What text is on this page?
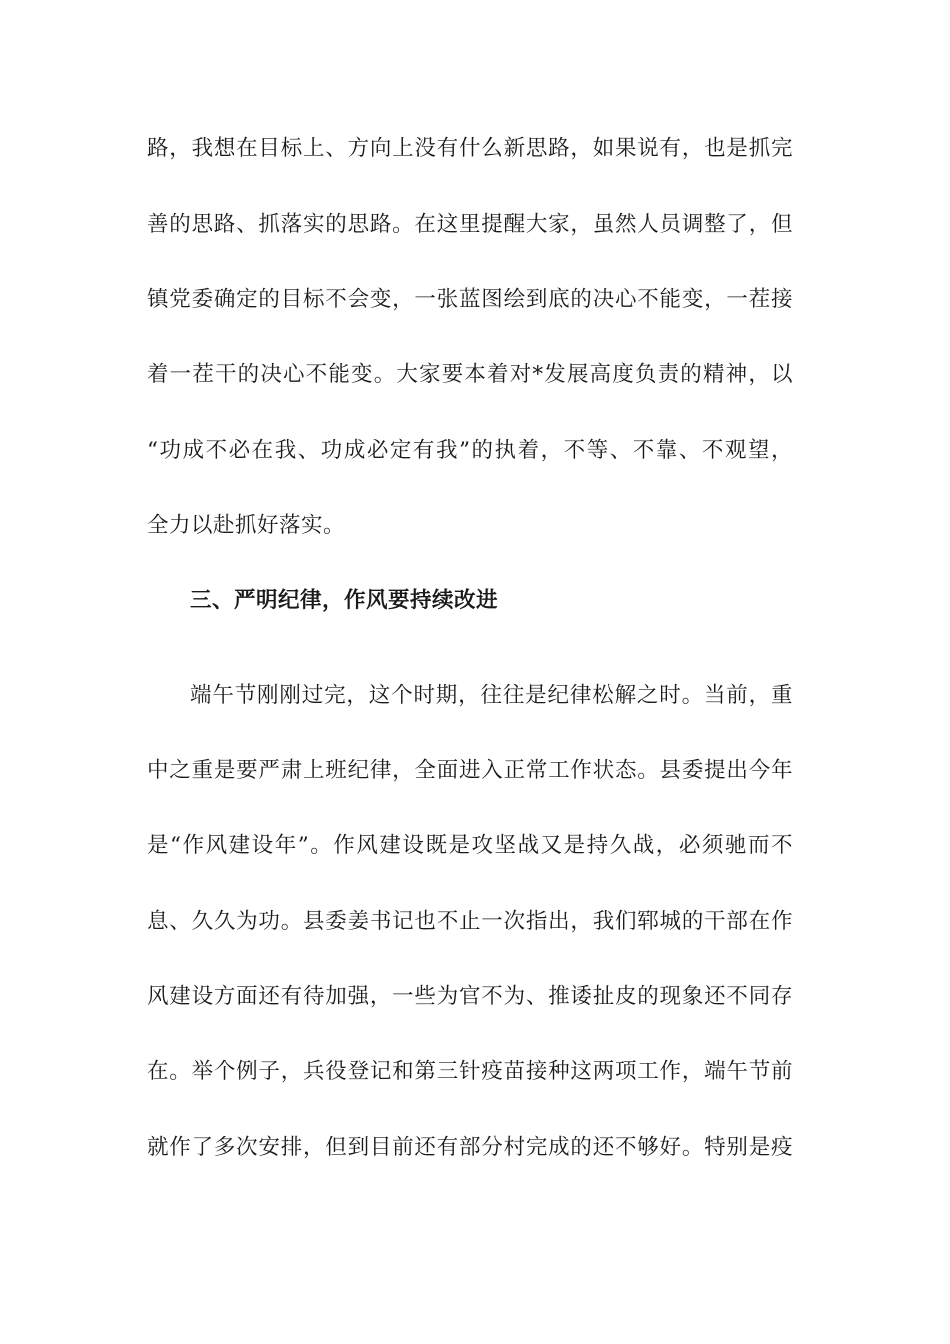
路，我想在目标上、方向上没有什么新思路，如果说有，也是抓完
善的思路、抓落实的思路。在这里提醒大家，虽然人员调整了，但
镇党委确定的目标不会变，一张蓝图绘到底的决心不能变，一茬接
着一茬干的决心不能变。大家要本着对*发展高度负责的精神，以
“功成不必在我、功成必定有我”的执着，不等、不靠、不观望，
全力以赴抓好落实。
三、严明纪律，作风要持续改进
端午节刚刚过完，这个时期，往往是纪律松解之时。当前，重
中之重是要严肃上班纪律，全面进入正常工作状态。县委提出今年
是“作风建设年”。作风建设既是攻坚战又是持久战，必须驰而不
息、久久为功。县委姜书记也不止一次指出，我们郓城的干部在作
风建设方面还有待加强，一些为官不为、推诿扯皮的现象还不同存
在。举个例子，兵役登记和第三针疫苗接种这两项工作，端午节前
就作了多次安排，但到目前还有部分村完成的还不够好。特别是疫
